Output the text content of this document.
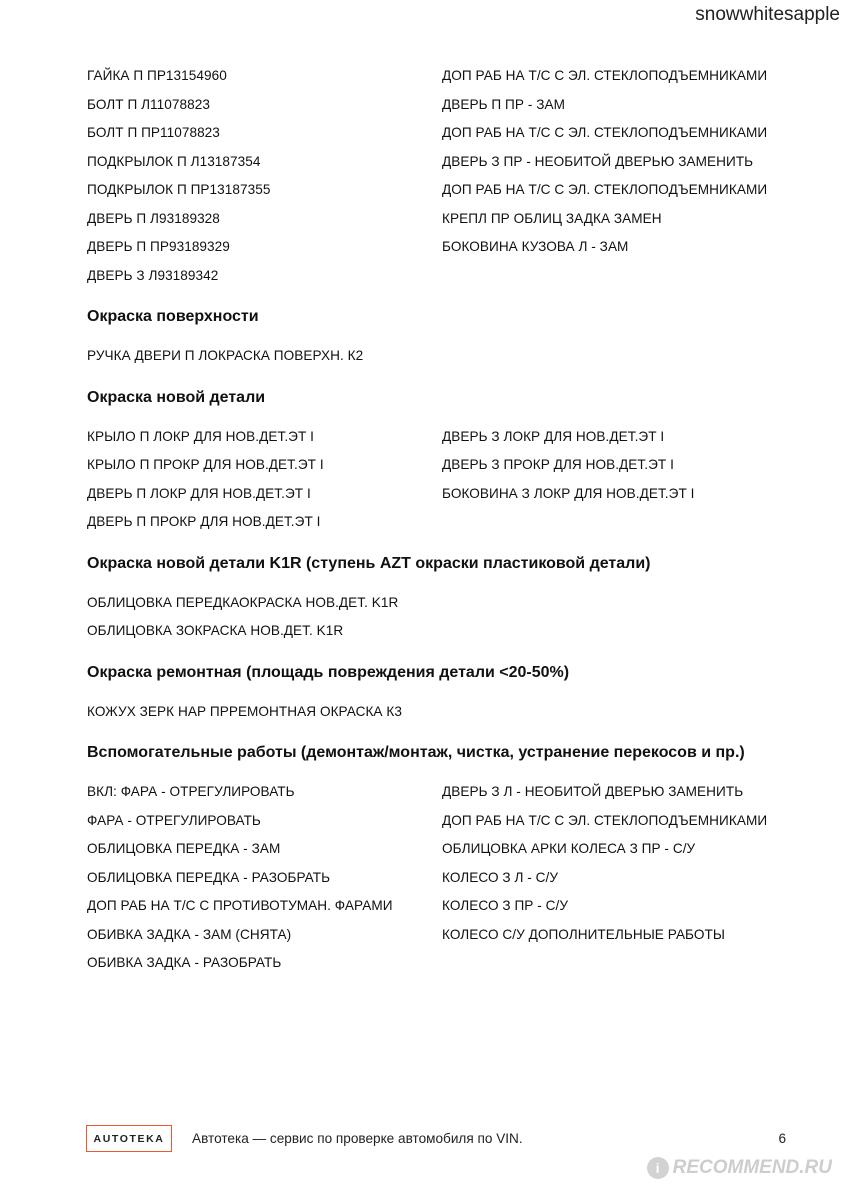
snowwhitesapple
ГАЙКА П ПР13154960
БОЛТ П Л11078823
БОЛТ П ПР11078823
ПОДКРЫЛОК П Л13187354
ПОДКРЫЛОК П ПР13187355
ДВЕРЬ П Л93189328
ДВЕРЬ П ПР93189329
ДВЕРЬ З Л93189342
ДОП РАБ НА Т/С С ЭЛ. СТЕКЛОПОДЪЕМНИКАМИ
ДВЕРЬ П ПР - ЗАМ
ДОП РАБ НА Т/С С ЭЛ. СТЕКЛОПОДЪЕМНИКАМИ
ДВЕРЬ З ПР - НЕОБИТОЙ ДВЕРЬЮ ЗАМЕНИТЬ
ДОП РАБ НА Т/С С ЭЛ. СТЕКЛОПОДЪЕМНИКАМИ
КРЕПЛ ПР ОБЛИЦ ЗАДКА ЗАМЕН
БОКОВИНА КУЗОВА Л - ЗАМ
Окраска поверхности
РУЧКА ДВЕРИ П ЛОКРАСКА ПОВЕРХН. К2
Окраска новой детали
КРЫЛО П ЛОКР ДЛЯ НОВ.ДЕТ.ЭТ I
КРЫЛО П ПРОКР ДЛЯ НОВ.ДЕТ.ЭТ I
ДВЕРЬ П ЛОКР ДЛЯ НОВ.ДЕТ.ЭТ I
ДВЕРЬ П ПРОКР ДЛЯ НОВ.ДЕТ.ЭТ I
ДВЕРЬ З ЛОКР ДЛЯ НОВ.ДЕТ.ЭТ I
ДВЕРЬ З ПРОКР ДЛЯ НОВ.ДЕТ.ЭТ I
БОКОВИНА З ЛОКР ДЛЯ НОВ.ДЕТ.ЭТ I
Окраска новой детали K1R (ступень AZT окраски пластиковой детали)
ОБЛИЦОВКА ПЕРЕДКАОКРАСКА НОВ.ДЕТ. K1R
ОБЛИЦОВКА ЗОКРАСКА НОВ.ДЕТ. K1R
Окраска ремонтная (площадь повреждения детали <20-50%)
КОЖУХ ЗЕРК НАР ПРРЕМОНТНАЯ ОКРАСКА К3
Вспомогательные работы (демонтаж/монтаж, чистка, устранение перекосов и пр.)
ВКЛ: ФАРА - ОТРЕГУЛИРОВАТЬ
ФАРА - ОТРЕГУЛИРОВАТЬ
ОБЛИЦОВКА ПЕРЕДКА - ЗАМ
ОБЛИЦОВКА ПЕРЕДКА - РАЗОБРАТЬ
ДОП РАБ НА Т/С С ПРОТИВОТУМАН. ФАРАМИ
ОБИВКА ЗАДКА - ЗАМ (СНЯТА)
ОБИВКА ЗАДКА - РАЗОБРАТЬ
ДВЕРЬ З Л - НЕОБИТОЙ ДВЕРЬЮ ЗАМЕНИТЬ
ДОП РАБ НА Т/С С ЭЛ. СТЕКЛОПОДЪЕМНИКАМИ
ОБЛИЦОВКА АРКИ КОЛЕСА З ПР - С/У
КОЛЕСО З Л - С/У
КОЛЕСО З ПР - С/У
КОЛЕСО С/У ДОПОЛНИТЕЛЬНЫЕ РАБОТЫ
AUTOTEKA	Автотека — сервис по проверке автомобиля по VIN.	6
i RECOMMEND.RU
